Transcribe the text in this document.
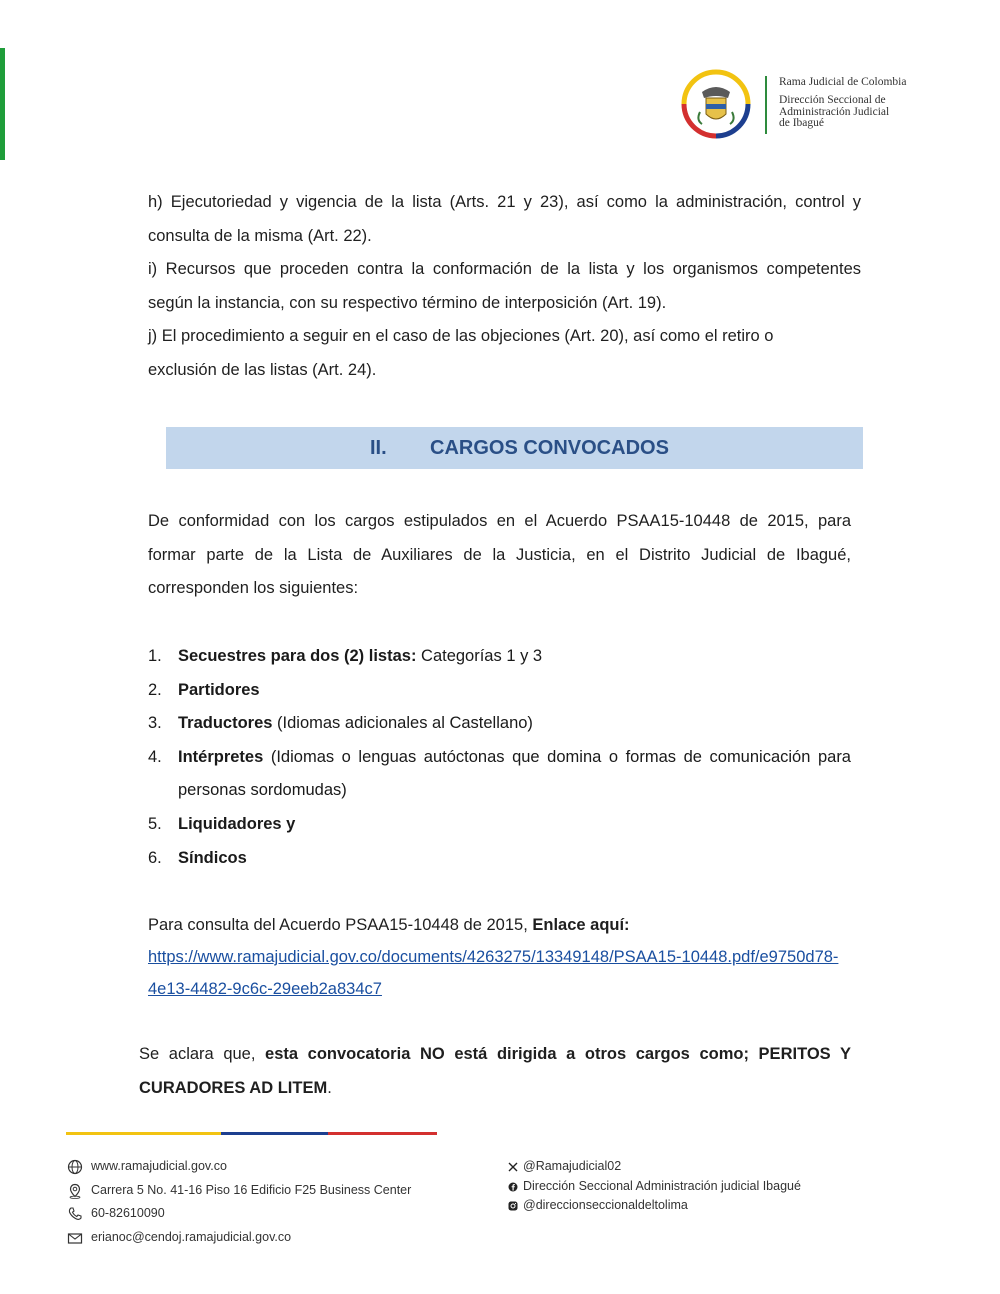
Rama Judicial de Colombia
Dirección Seccional de
Administración Judicial
de Ibagué
h) Ejecutoriedad y vigencia de la lista (Arts. 21 y 23), así como la administración, control y
consulta de la misma (Art. 22).
i) Recursos que proceden contra la conformación de la lista y los organismos competentes
según la instancia, con su respectivo término de interposición (Art. 19).
j) El procedimiento a seguir en el caso de las objeciones (Art. 20), así como el retiro o
exclusión de las listas (Art. 24).
II. CARGOS CONVOCADOS
De conformidad con los cargos estipulados en el Acuerdo PSAA15-10448 de 2015, para
formar parte de la Lista de Auxiliares de la Justicia, en el Distrito Judicial de Ibagué,
corresponden los siguientes:
1. Secuestres para dos (2) listas: Categorías 1 y 3
2. Partidores
3. Traductores (Idiomas adicionales al Castellano)
4. Intérpretes (Idiomas o lenguas autóctonas que domina o formas de comunicación para
personas sordomudas)
5. Liquidadores y
6. Síndicos
Para consulta del Acuerdo PSAA15-10448 de 2015, Enlace aquí:
https://www.ramajudicial.gov.co/documents/4263275/13349148/PSAA15-10448.pdf/e9750d78-
4e13-4482-9c6c-29eeb2a834c7
Se aclara que, esta convocatoria NO está dirigida a otros cargos como; PERITOS Y
CURADORES AD LITEM.
www.ramajudicial.gov.co
Carrera 5 No. 41-16 Piso 16 Edificio F25 Business Center
60-82610090
erianoc@cendoj.ramajudicial.gov.co
@Ramajudicial02
Dirección Seccional Administración judicial Ibagué
@direccionseccionaldeltolima
